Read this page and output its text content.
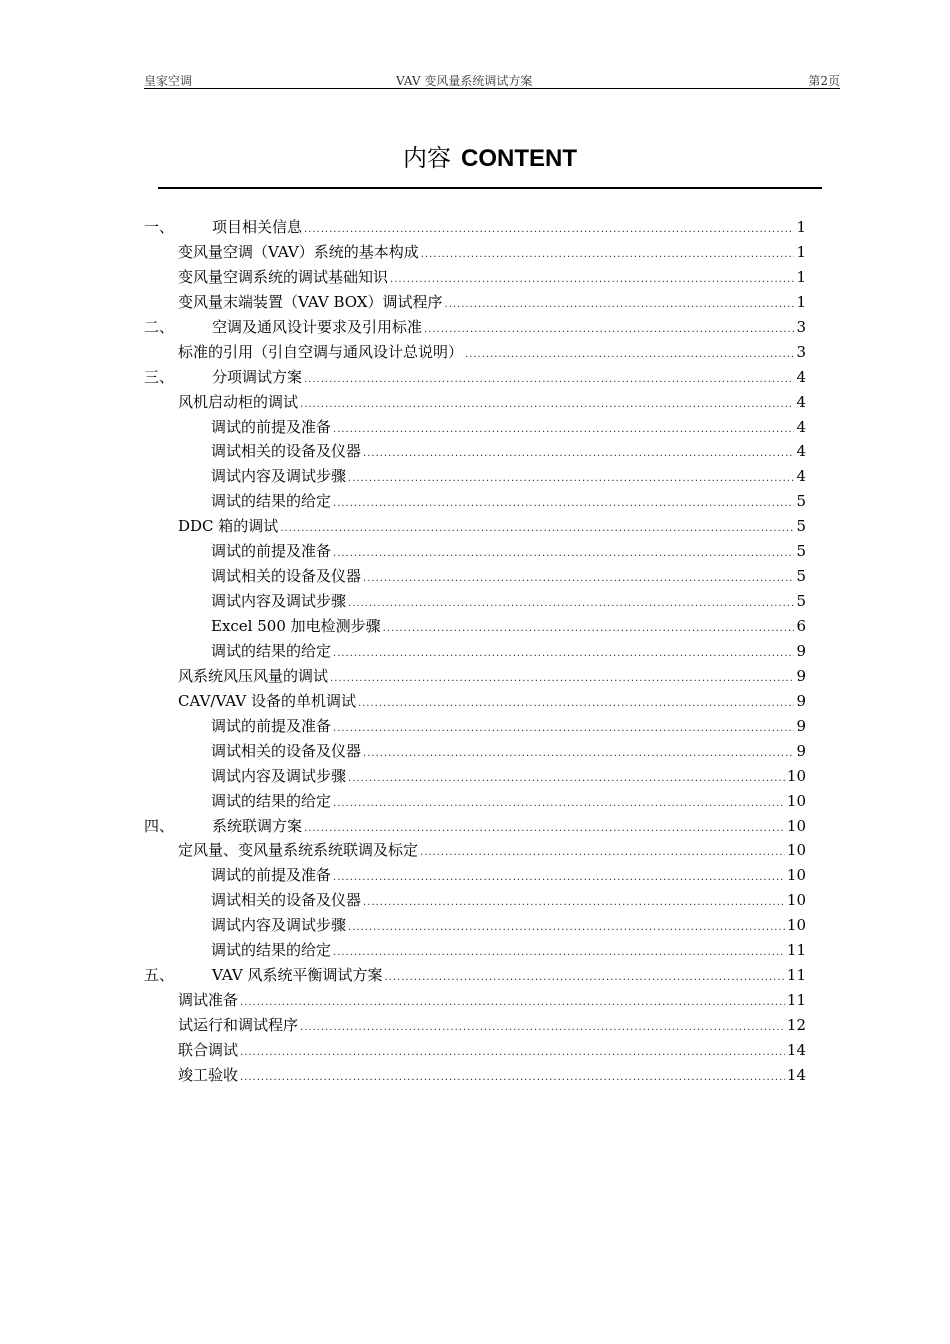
皇家空调	VAV 变风量系统调试方案	第2页
内容 CONTENT
一、	项目相关信息 .....	1
变风量空调（VAV）系统的基本构成 .....	1
变风量空调系统的调试基础知识 .....	1
变风量末端装置（VAV BOX）调试程序 .....	1
二、	空调及通风设计要求及引用标准 .....	3
标准的引用（引自空调与通风设计总说明） .....	3
三、	分项调试方案 .....	4
风机启动柜的调试 .....	4
调试的前提及准备 .....	4
调试相关的设备及仪器 .....	4
调试内容及调试步骤 .....	4
调试的结果的给定 .....	5
DDC 箱的调试 .....	5
调试的前提及准备 .....	5
调试相关的设备及仪器 .....	5
调试内容及调试步骤 .....	5
Excel 500 加电检测步骤 .....	6
调试的结果的给定 .....	9
风系统风压风量的调试 .....	9
CAV/VAV 设备的单机调试 .....	9
调试的前提及准备 .....	9
调试相关的设备及仪器 .....	9
调试内容及调试步骤 .....	10
调试的结果的给定 .....	10
四、	系统联调方案 .....	10
定风量、变风量系统系统联调及标定 .....	10
调试的前提及准备 .....	10
调试相关的设备及仪器 .....	10
调试内容及调试步骤 .....	10
调试的结果的给定 .....	11
五、	VAV 风系统平衡调试方案 .....	11
调试准备 .....	11
试运行和调试程序 .....	12
联合调试 .....	14
竣工验收 .....	14
